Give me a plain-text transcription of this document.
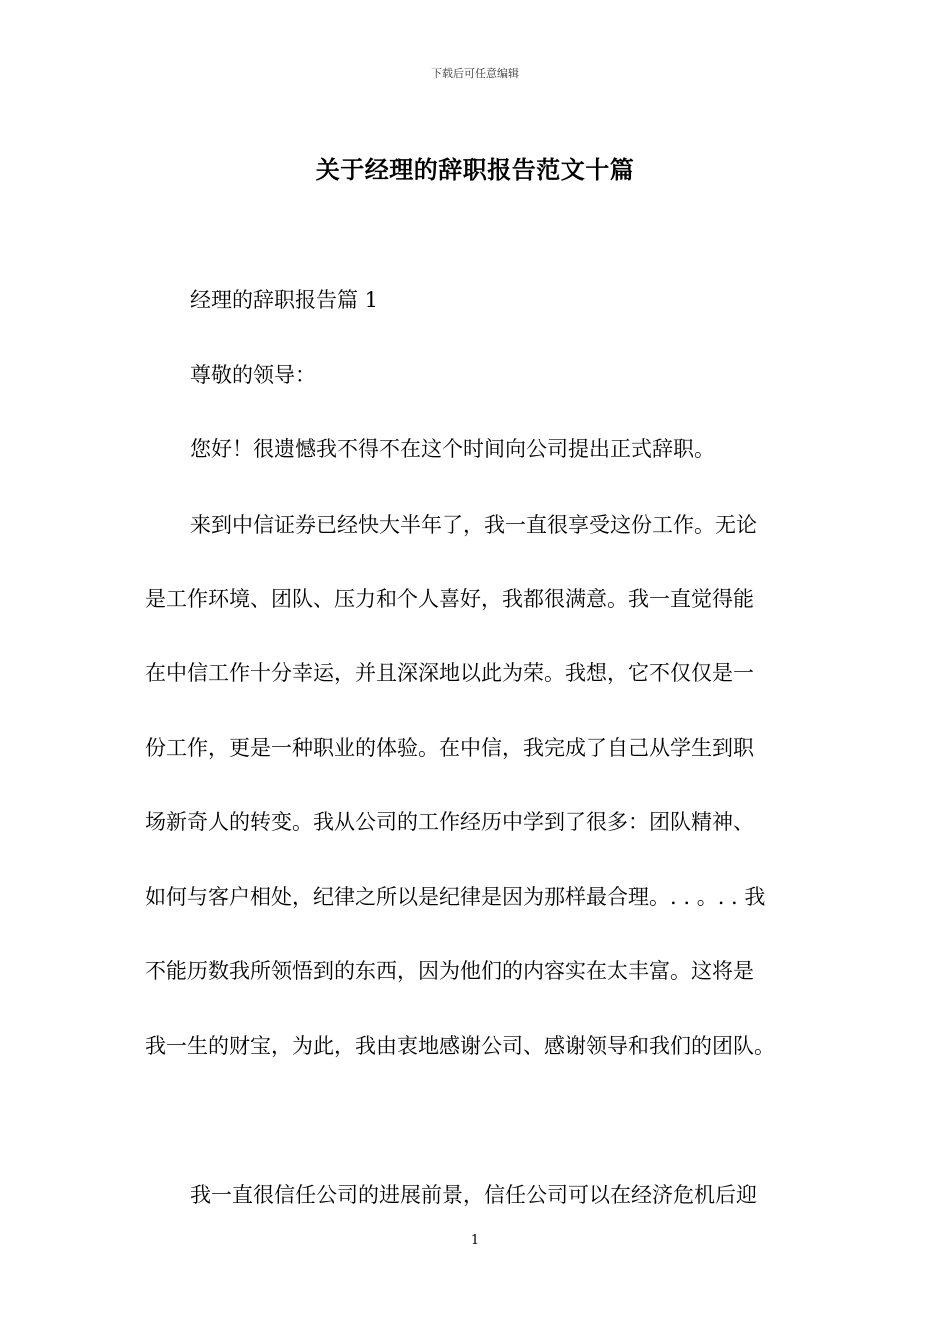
下载后可任意编辑
关于经理的辞职报告范文十篇
经理的辞职报告篇 1
尊敬的领导：
您好！很遗憾我不得不在这个时间向公司提出正式辞职。
来到中信证券已经快大半年了，我一直很享受这份工作。无论
是工作环境、团队、压力和个人喜好，我都很满意。我一直觉得能
在中信工作十分幸运，并且深深地以此为荣。我想，它不仅仅是一
份工作，更是一种职业的体验。在中信，我完成了自己从学生到职
场新奇人的转变。我从公司的工作经历中学到了很多：团队精神、
如何与客户相处，纪律之所以是纪律是因为那样最合理。. . 。. . 我
不能历数我所领悟到的东西，因为他们的内容实在太丰富。这将是
我一生的财宝，为此，我由衷地感谢公司、感谢领导和我们的团队。
我一直很信任公司的进展前景，信任公司可以在经济危机后迎
1
